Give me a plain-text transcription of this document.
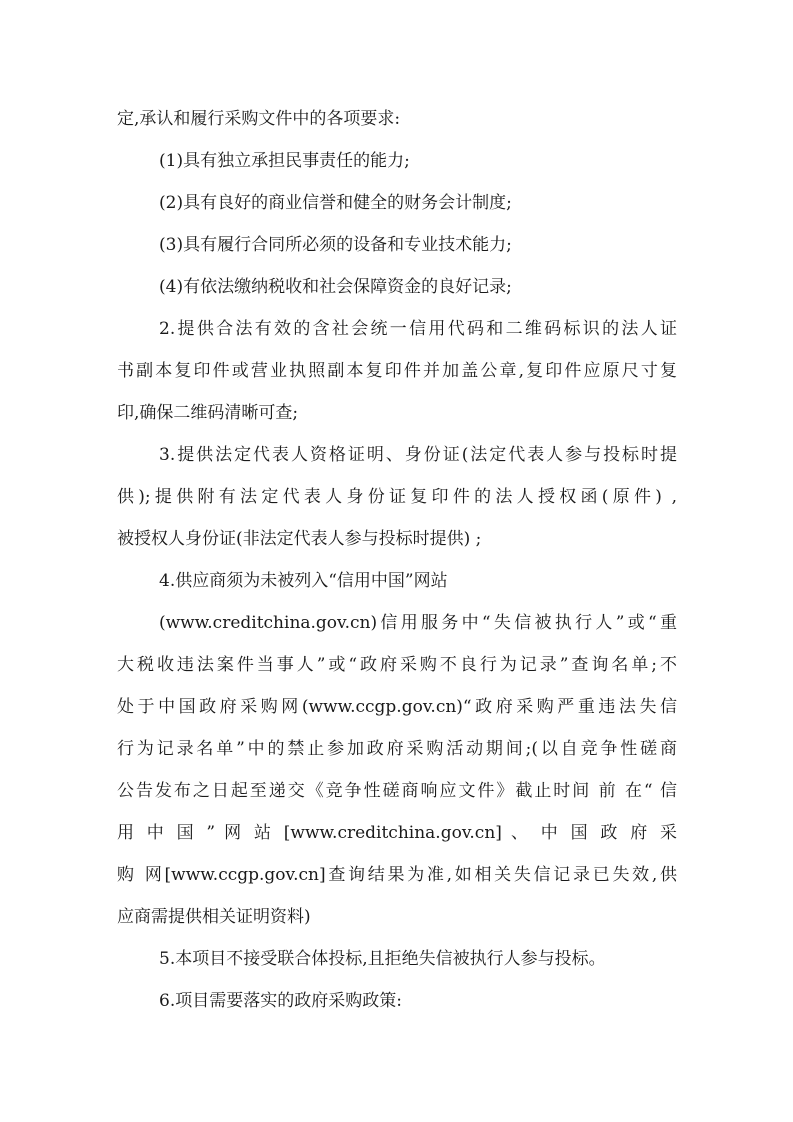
定,承认和履行采购文件中的各项要求:
(1)具有独立承担民事责任的能力;
(2)具有良好的商业信誉和健全的财务会计制度;
(3)具有履行合同所必须的设备和专业技术能力;
(4)有依法缴纳税收和社会保障资金的良好记录;
2.提供合法有效的含社会统一信用代码和二维码标识的法人证
书副本复印件或营业执照副本复印件并加盖公章,复印件应原尺寸复
印,确保二维码清晰可查;
3.提供法定代表人资格证明、身份证(法定代表人参与投标时提
供);提供附有法定代表人身份证复印件的法人授权函(原件) ,
被授权人身份证(非法定代表人参与投标时提供) ;
4.供应商须为未被列入“信用中国”网站
(www.creditchina.gov.cn)信用服务中“失信被执行人”或“重
大税收违法案件当事人”或“政府采购不良行为记录”查询名单;不
处于中国政府采购网(www.ccgp.gov.cn)“政府采购严重违法失信
行为记录名单”中的禁止参加政府采购活动期间;(以自竞争性磋商
公告发布之日起至递交《竞争性磋商响应文件》截止时间 前 在“ 信
用 中 国 ” 网 站 [www.creditchina.gov.cn] 、 中 国 政 府 采
购 网[www.ccgp.gov.cn]查询结果为准,如相关失信记录已失效,供
应商需提供相关证明资料)
5.本项目不接受联合体投标,且拒绝失信被执行人参与投标。
6.项目需要落实的政府采购政策:
